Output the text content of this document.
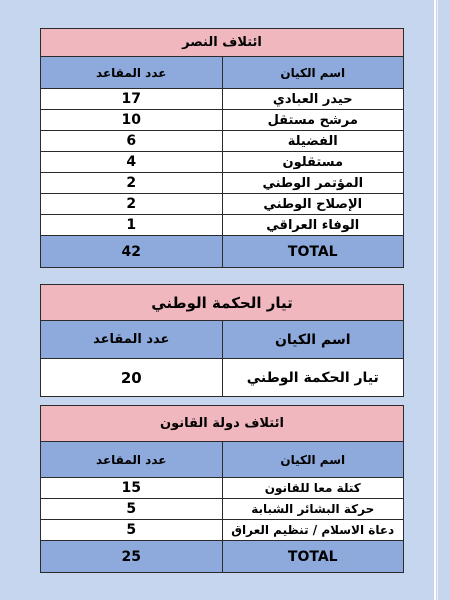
ائتلاف النصر	
عدد المقاعد	اسم الكيان
17	حيدر العبادي
10	مرشح مستقل
6	الفضيلة
4	مستقلون
2	المؤتمر الوطني
2	الإصلاح الوطني
1	الوفاء العراقي
42	TOTAL
تيار الحكمة الوطني	
عدد المقاعد	اسم الكيان
20	تيار الحكمة الوطني
ائتلاف دولة القانون	
عدد المقاعد	اسم الكيان
15	كتلة معا للقانون
5	حركة البشائر الشبابة
5	دعاة الاسلام / تنظيم العراق
25	TOTAL
